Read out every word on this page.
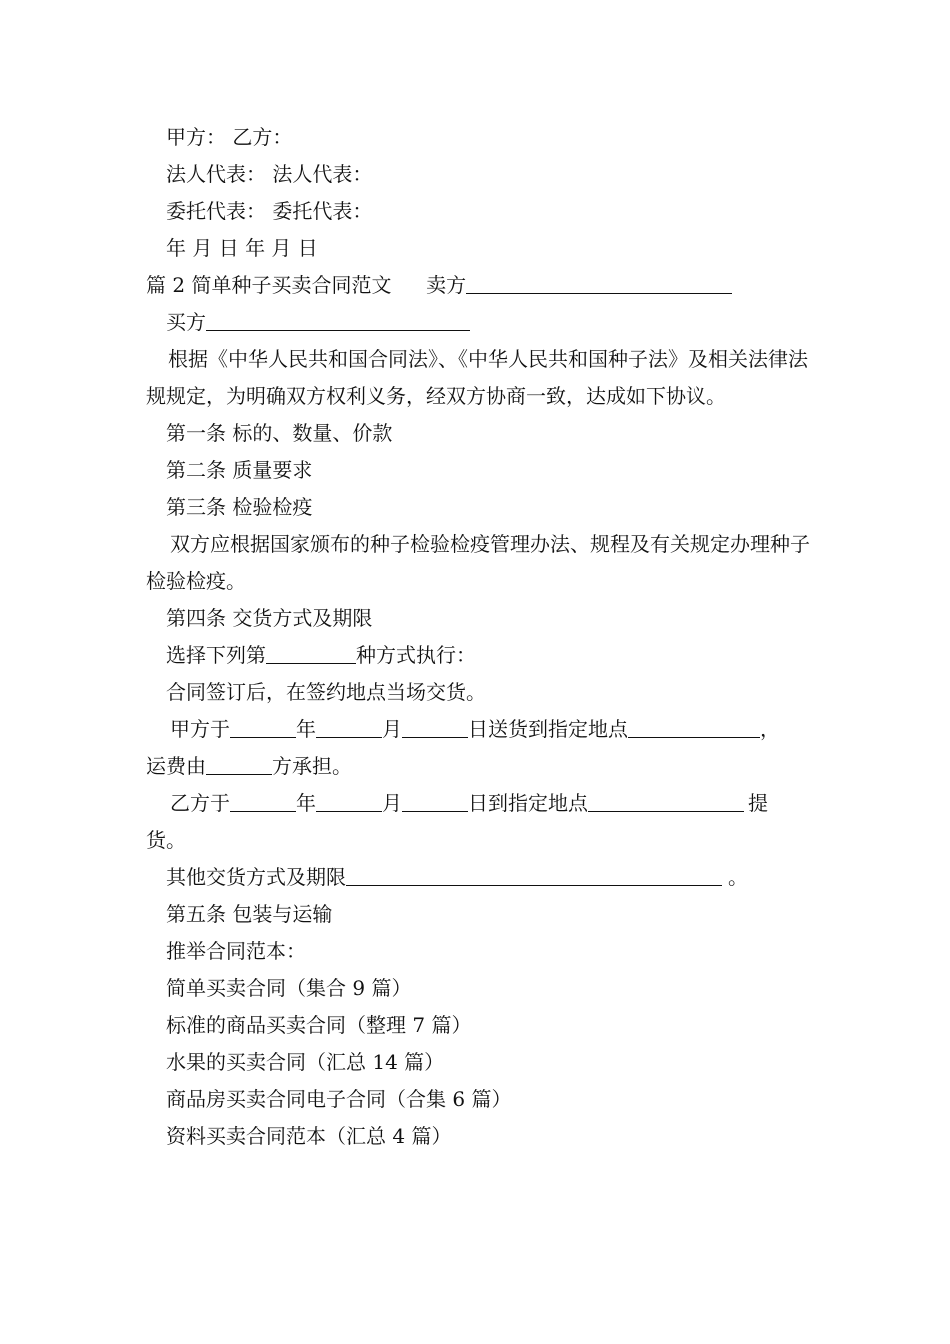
甲方： 乙方：
法人代表： 法人代表：
委托代表： 委托代表：
年 月 日 年 月 日
篇 2 简单种子买卖合同范文 卖方
买方
根据《中华人民共和国合同法》、《中华人民共和国种子法》及相关法律法规规定，为明确双方权利义务，经双方协商一致，达成如下协议。
第一条 标的、数量、价款
第二条 质量要求
第三条 检验检疫
双方应根据国家颁布的种子检验检疫管理办法、规程及有关规定办理种子检验检疫。
第四条 交货方式及期限
选择下列第	种方式执行：
合同签订后，在签约地点当场交货。
甲方于	年	月	日送货到指定地点	，
运费由	方承担。
乙方于	年	月	日到指定地点	提
货。
其他交货方式及期限	。
第五条 包装与运输
推举合同范本：
简单买卖合同（集合 9 篇）
标准的商品买卖合同（整理 7 篇）
水果的买卖合同（汇总 14 篇）
商品房买卖合同电子合同（合集 6 篇）
资料买卖合同范本（汇总 4 篇）
